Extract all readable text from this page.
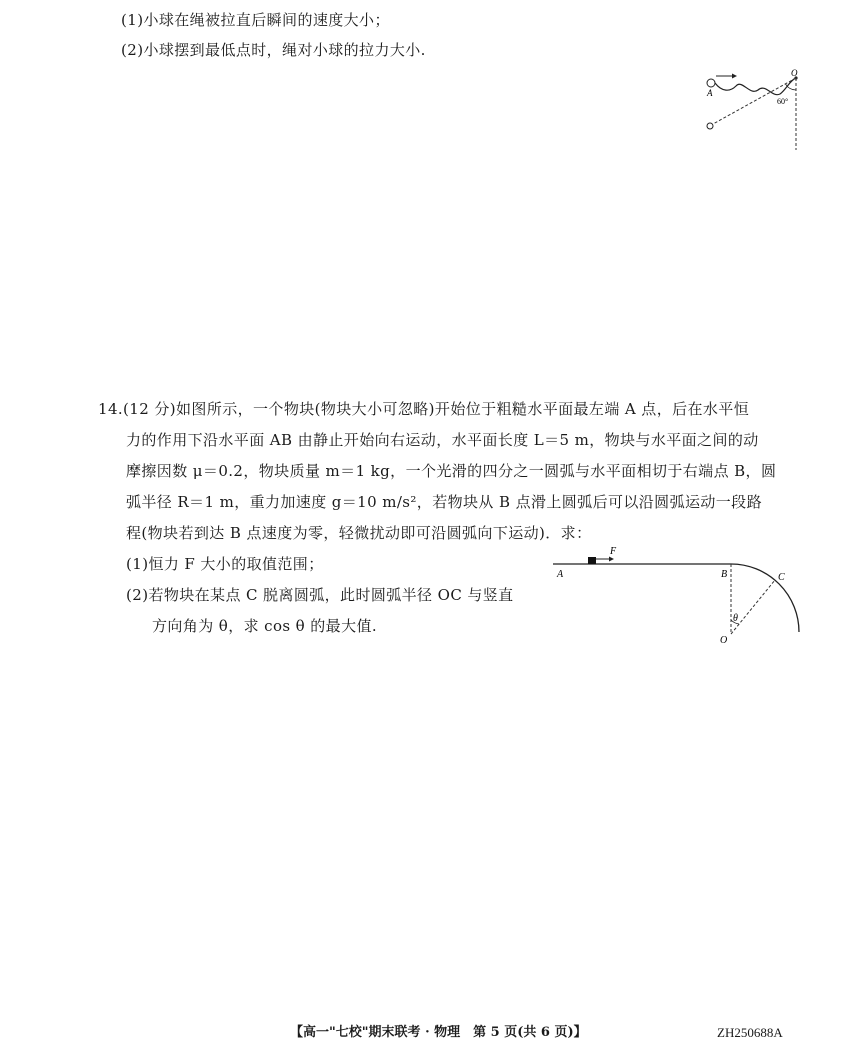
(1)小球在绳被拉直后瞬间的速度大小；
(2)小球摆到最低点时，绳对小球的拉力大小.
A
O
60°
14.(12 分)如图所示，一个物块(物块大小可忽略)开始位于粗糙水平面最左端 A 点，后在水平恒
力的作用下沿水平面 AB 由静止开始向右运动，水平面长度 L＝5 m，物块与水平面之间的动
摩擦因数 μ＝0.2，物块质量 m＝1 kg，一个光滑的四分之一圆弧与水平面相切于右端点 B，圆
弧半径 R＝1 m，重力加速度 g＝10 m/s²，若物块从 B 点滑上圆弧后可以沿圆弧运动一段路
程(物块若到达 B 点速度为零，轻微扰动即可沿圆弧向下运动)．求：
(1)恒力 F 大小的取值范围；
(2)若物块在某点 C 脱离圆弧，此时圆弧半径 OC 与竖直
方向角为 θ，求 cos θ 的最大值.
A	B	C
O
F
θ
【高一"七校"期末联考 · 物理　第 5 页(共 6 页)】	ZH250688A
